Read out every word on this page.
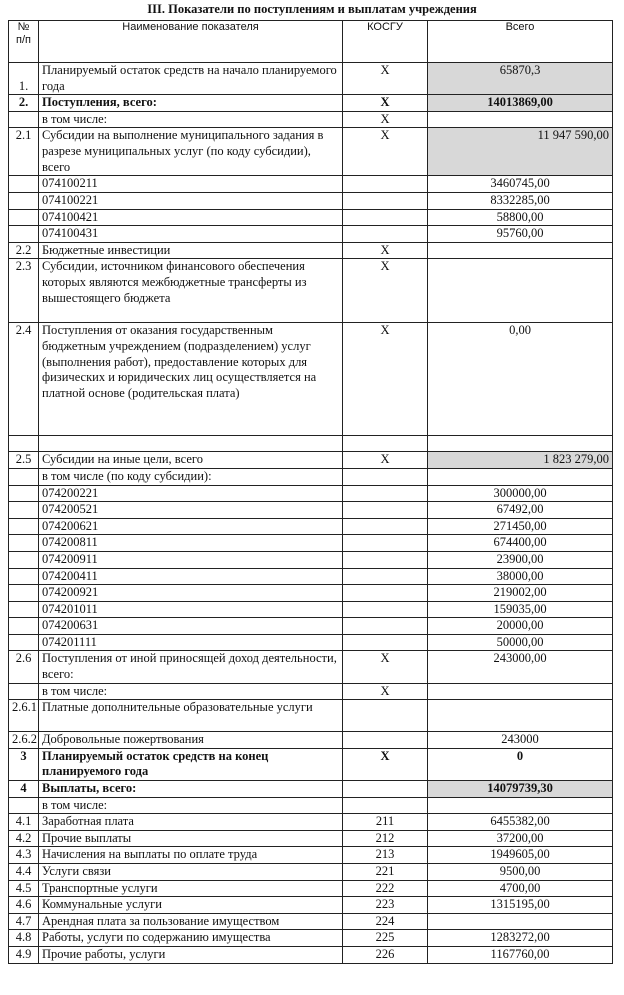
III. Показатели по поступлениям и выплатам учреждения
№ п/п	Наименование показателя	КОСГУ	Всего
1.	Планируемый остаток средств на начало планируемого года	Х	65870,3
2.	Поступления, всего:	Х	14013869,00
	в том числе:	Х	
2.1	Субсидии на выполнение муниципального задания в разрезе муниципальных услуг (по коду субсидии), всего	Х	11 947 590,00
	074100211		3460745,00
	074100221		8332285,00
	074100421		58800,00
	074100431		95760,00
2.2	Бюджетные инвестиции	Х	
2.3	Субсидии, источником финансового обеспечения которых являются межбюджетные трансферты из вышестоящего бюджета	Х	
2.4	Поступления от оказания государственным бюджетным учреждением (подразделением) услуг (выполнения работ), предоставление которых для физических и юридических лиц осуществляется на платной основе (родительская плата)	Х	0,00

2.5	Субсидии на иные цели, всего	Х	1 823 279,00
	в том числе (по коду субсидии):		
	074200221		300000,00
	074200521		67492,00
	074200621		271450,00
	074200811		674400,00
	074200911		23900,00
	074200411		38000,00
	074200921		219002,00
	074201011		159035,00
	074200631		20000,00
	074201111		50000,00
2.6	Поступления от иной приносящей доход деятельности, всего:	Х	243000,00
	в том числе:	Х	
2.6.1	Платные дополнительные образовательные услуги		
2.6.2	Добровольные пожертвования		243000
3	Планируемый остаток средств на конец планируемого года	Х	0
4	Выплаты, всего:		14079739,30
	в том числе:		
4.1	Заработная плата	211	6455382,00
4.2	Прочие выплаты	212	37200,00
4.3	Начисления на выплаты по оплате труда	213	1949605,00
4.4	Услуги связи	221	9500,00
4.5	Транспортные услуги	222	4700,00
4.6	Коммунальные услуги	223	1315195,00
4.7	Арендная плата за пользование имуществом	224	
4.8	Работы, услуги по содержанию имущества	225	1283272,00
4.9	Прочие работы, услуги	226	1167760,00
